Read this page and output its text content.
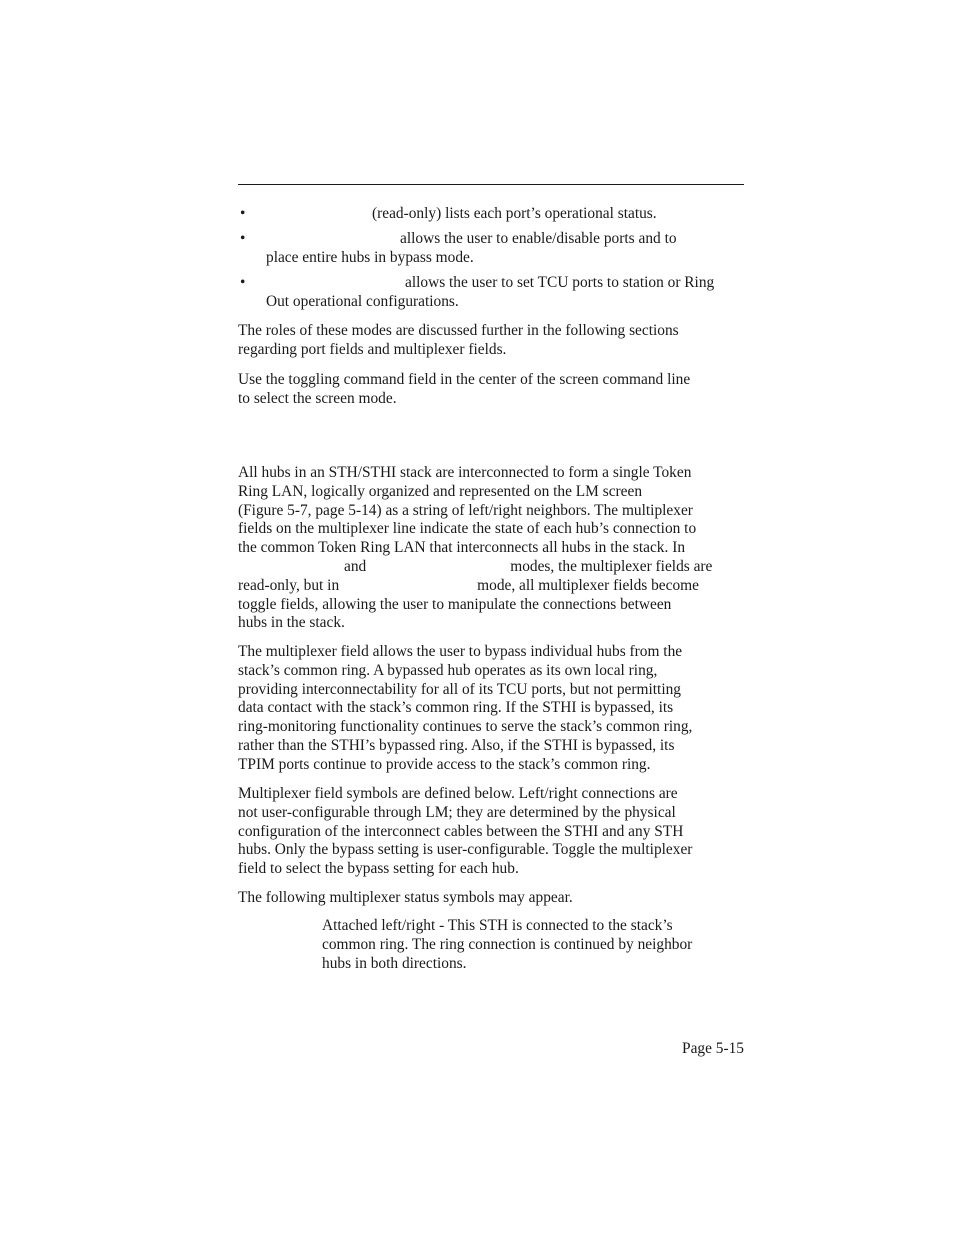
•	(read-only) lists each port’s operational status.

•	allows the user to enable/disable ports and to
place entire hubs in bypass mode.

•	allows the user to set TCU ports to station or Ring
Out operational configurations.

The roles of these modes are discussed further in the following sections
regarding port fields and multiplexer fields.

Use the toggling command field in the center of the screen command line
to select the screen mode.

All hubs in an STH/STHI stack are interconnected to form a single Token
Ring LAN, logically organized and represented on the LM screen
(Figure 5-7, page 5-14) as a string of left/right neighbors. The multiplexer
fields on the multiplexer line indicate the state of each hub’s connection to
the common Token Ring LAN that interconnects all hubs in the stack. In
and	modes, the multiplexer fields are
read-only, but in	mode, all multiplexer fields become
toggle fields, allowing the user to manipulate the connections between
hubs in the stack.

The multiplexer field allows the user to bypass individual hubs from the
stack’s common ring. A bypassed hub operates as its own local ring,
providing interconnectability for all of its TCU ports, but not permitting
data contact with the stack’s common ring. If the STHI is bypassed, its
ring-monitoring functionality continues to serve the stack’s common ring,
rather than the STHI’s bypassed ring. Also, if the STHI is bypassed, its
TPIM ports continue to provide access to the stack’s common ring.

Multiplexer field symbols are defined below. Left/right connections are
not user-configurable through LM; they are determined by the physical
configuration of the interconnect cables between the STHI and any STH
hubs. Only the bypass setting is user-configurable. Toggle the multiplexer
field to select the bypass setting for each hub.

The following multiplexer status symbols may appear.

Attached left/right - This STH is connected to the stack’s
common ring. The ring connection is continued by neighbor
hubs in both directions.

Page 5-15
